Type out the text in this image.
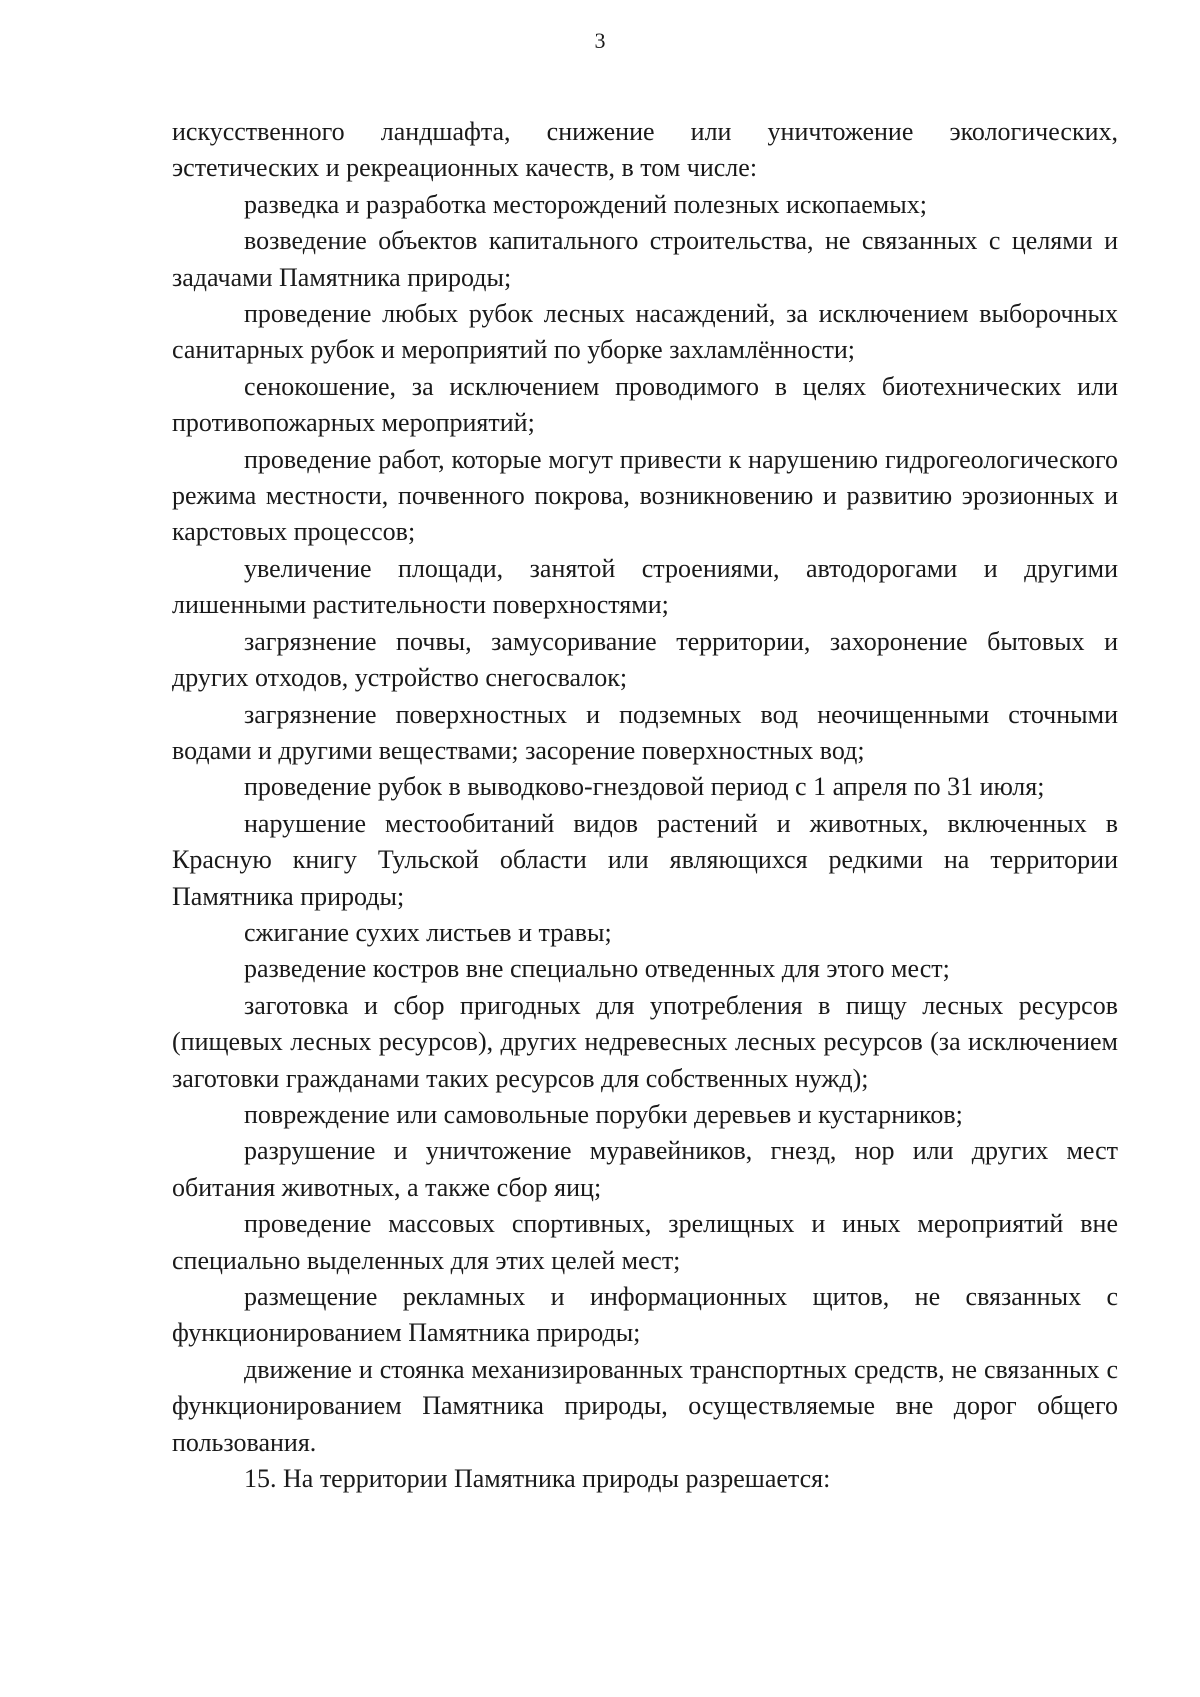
3

искусственного ландшафта, снижение или уничтожение экологических, эстетических и рекреационных качеств, в том числе:

разведка и разработка месторождений полезных ископаемых;

возведение объектов капитального строительства, не связанных с целями и задачами Памятника природы;

проведение любых рубок лесных насаждений, за исключением выборочных санитарных рубок и мероприятий по уборке захламлённости;

сенокошение, за исключением проводимого в целях биотехнических или противопожарных мероприятий;

проведение работ, которые могут привести к нарушению гидрогеологического режима местности, почвенного покрова, возникновению и развитию эрозионных и карстовых процессов;

увеличение площади, занятой строениями, автодорогами и другими лишенными растительности поверхностями;

загрязнение почвы, замусоривание территории, захоронение бытовых и других отходов, устройство снегосвалок;

загрязнение поверхностных и подземных вод неочищенными сточными водами и другими веществами; засорение поверхностных вод;

проведение рубок в выводково-гнездовой период с 1 апреля по 31 июля;

нарушение местообитаний видов растений и животных, включенных в Красную книгу Тульской области или являющихся редкими на территории Памятника природы;

сжигание сухих листьев и травы;

разведение костров вне специально отведенных для этого мест;

заготовка и сбор пригодных для употребления в пищу лесных ресурсов (пищевых лесных ресурсов), других недревесных лесных ресурсов (за исключением заготовки гражданами таких ресурсов для собственных нужд);

повреждение или самовольные порубки деревьев и кустарников;

разрушение и уничтожение муравейников, гнезд, нор или других мест обитания животных, а также сбор яиц;

проведение массовых спортивных, зрелищных и иных мероприятий вне специально выделенных для этих целей мест;

размещение рекламных и информационных щитов, не связанных с функционированием Памятника природы;

движение и стоянка механизированных транспортных средств, не связанных с функционированием Памятника природы, осуществляемые вне дорог общего пользования.

15. На территории Памятника природы разрешается:
